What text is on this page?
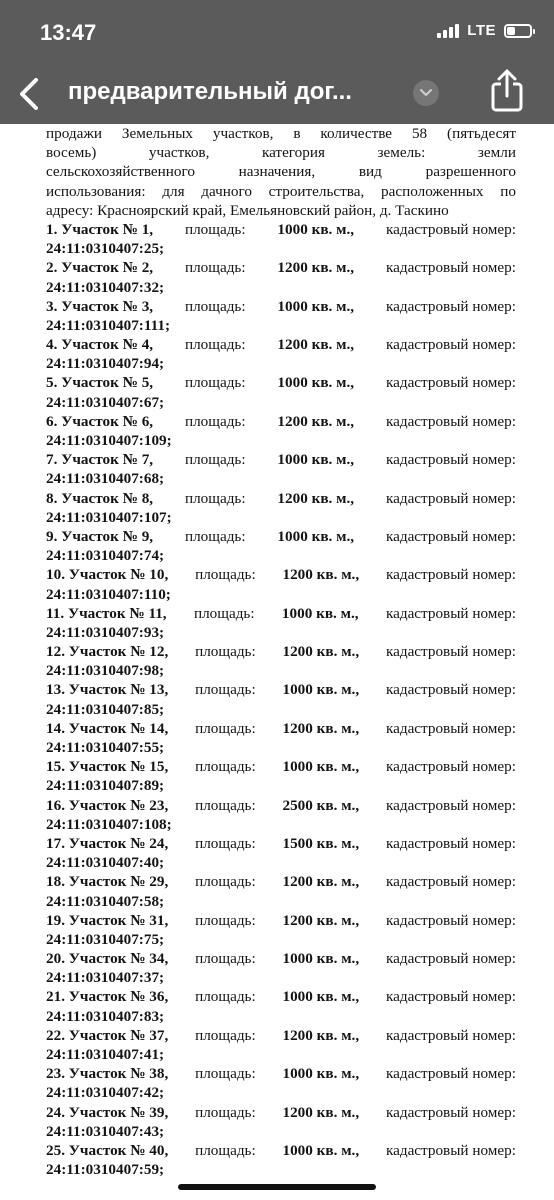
13:47	LTE
предварительный дог...
продажи Земельных участков, в количестве 58 (пятьдесят
восемь)	участков,	категория	земель:	земли
сельскохозяйственного	назначения,	вид	разрешенного
использования: для дачного строительства, расположенных по
адресу: Красноярский край, Емельяновский район, д. Таскино
1. Участок № 1, площадь: 1000 кв. м., кадастровый номер:
24:11:0310407:25;
2. Участок № 2, площадь: 1200 кв. м., кадастровый номер:
24:11:0310407:32;
3. Участок № 3, площадь: 1000 кв. м., кадастровый номер:
24:11:0310407:111;
4. Участок № 4, площадь: 1200 кв. м., кадастровый номер:
24:11:0310407:94;
5. Участок № 5, площадь: 1000 кв. м., кадастровый номер:
24:11:0310407:67;
6. Участок № 6, площадь: 1200 кв. м., кадастровый номер:
24:11:0310407:109;
7. Участок № 7, площадь: 1000 кв. м., кадастровый номер:
24:11:0310407:68;
8. Участок № 8, площадь: 1200 кв. м., кадастровый номер:
24:11:0310407:107;
9. Участок № 9, площадь: 1000 кв. м., кадастровый номер:
24:11:0310407:74;
10. Участок № 10, площадь: 1200 кв. м., кадастровый номер:
24:11:0310407:110;
11. Участок № 11, площадь: 1000 кв. м., кадастровый номер:
24:11:0310407:93;
12. Участок № 12, площадь: 1200 кв. м., кадастровый номер:
24:11:0310407:98;
13. Участок № 13, площадь: 1000 кв. м., кадастровый номер:
24:11:0310407:85;
14. Участок № 14, площадь: 1200 кв. м., кадастровый номер:
24:11:0310407:55;
15. Участок № 15, площадь: 1000 кв. м., кадастровый номер:
24:11:0310407:89;
16. Участок № 23, площадь: 2500 кв. м., кадастровый номер:
24:11:0310407:108;
17. Участок № 24, площадь: 1500 кв. м., кадастровый номер:
24:11:0310407:40;
18. Участок № 29, площадь: 1200 кв. м., кадастровый номер:
24:11:0310407:58;
19. Участок № 31, площадь: 1200 кв. м., кадастровый номер:
24:11:0310407:75;
20. Участок № 34, площадь: 1000 кв. м., кадастровый номер:
24:11:0310407:37;
21. Участок № 36, площадь: 1000 кв. м., кадастровый номер:
24:11:0310407:83;
22. Участок № 37, площадь: 1200 кв. м., кадастровый номер:
24:11:0310407:41;
23. Участок № 38, площадь: 1000 кв. м., кадастровый номер:
24:11:0310407:42;
24. Участок № 39, площадь: 1200 кв. м., кадастровый номер:
24:11:0310407:43;
25. Участок № 40, площадь: 1000 кв. м., кадастровый номер:
24:11:0310407:59;
